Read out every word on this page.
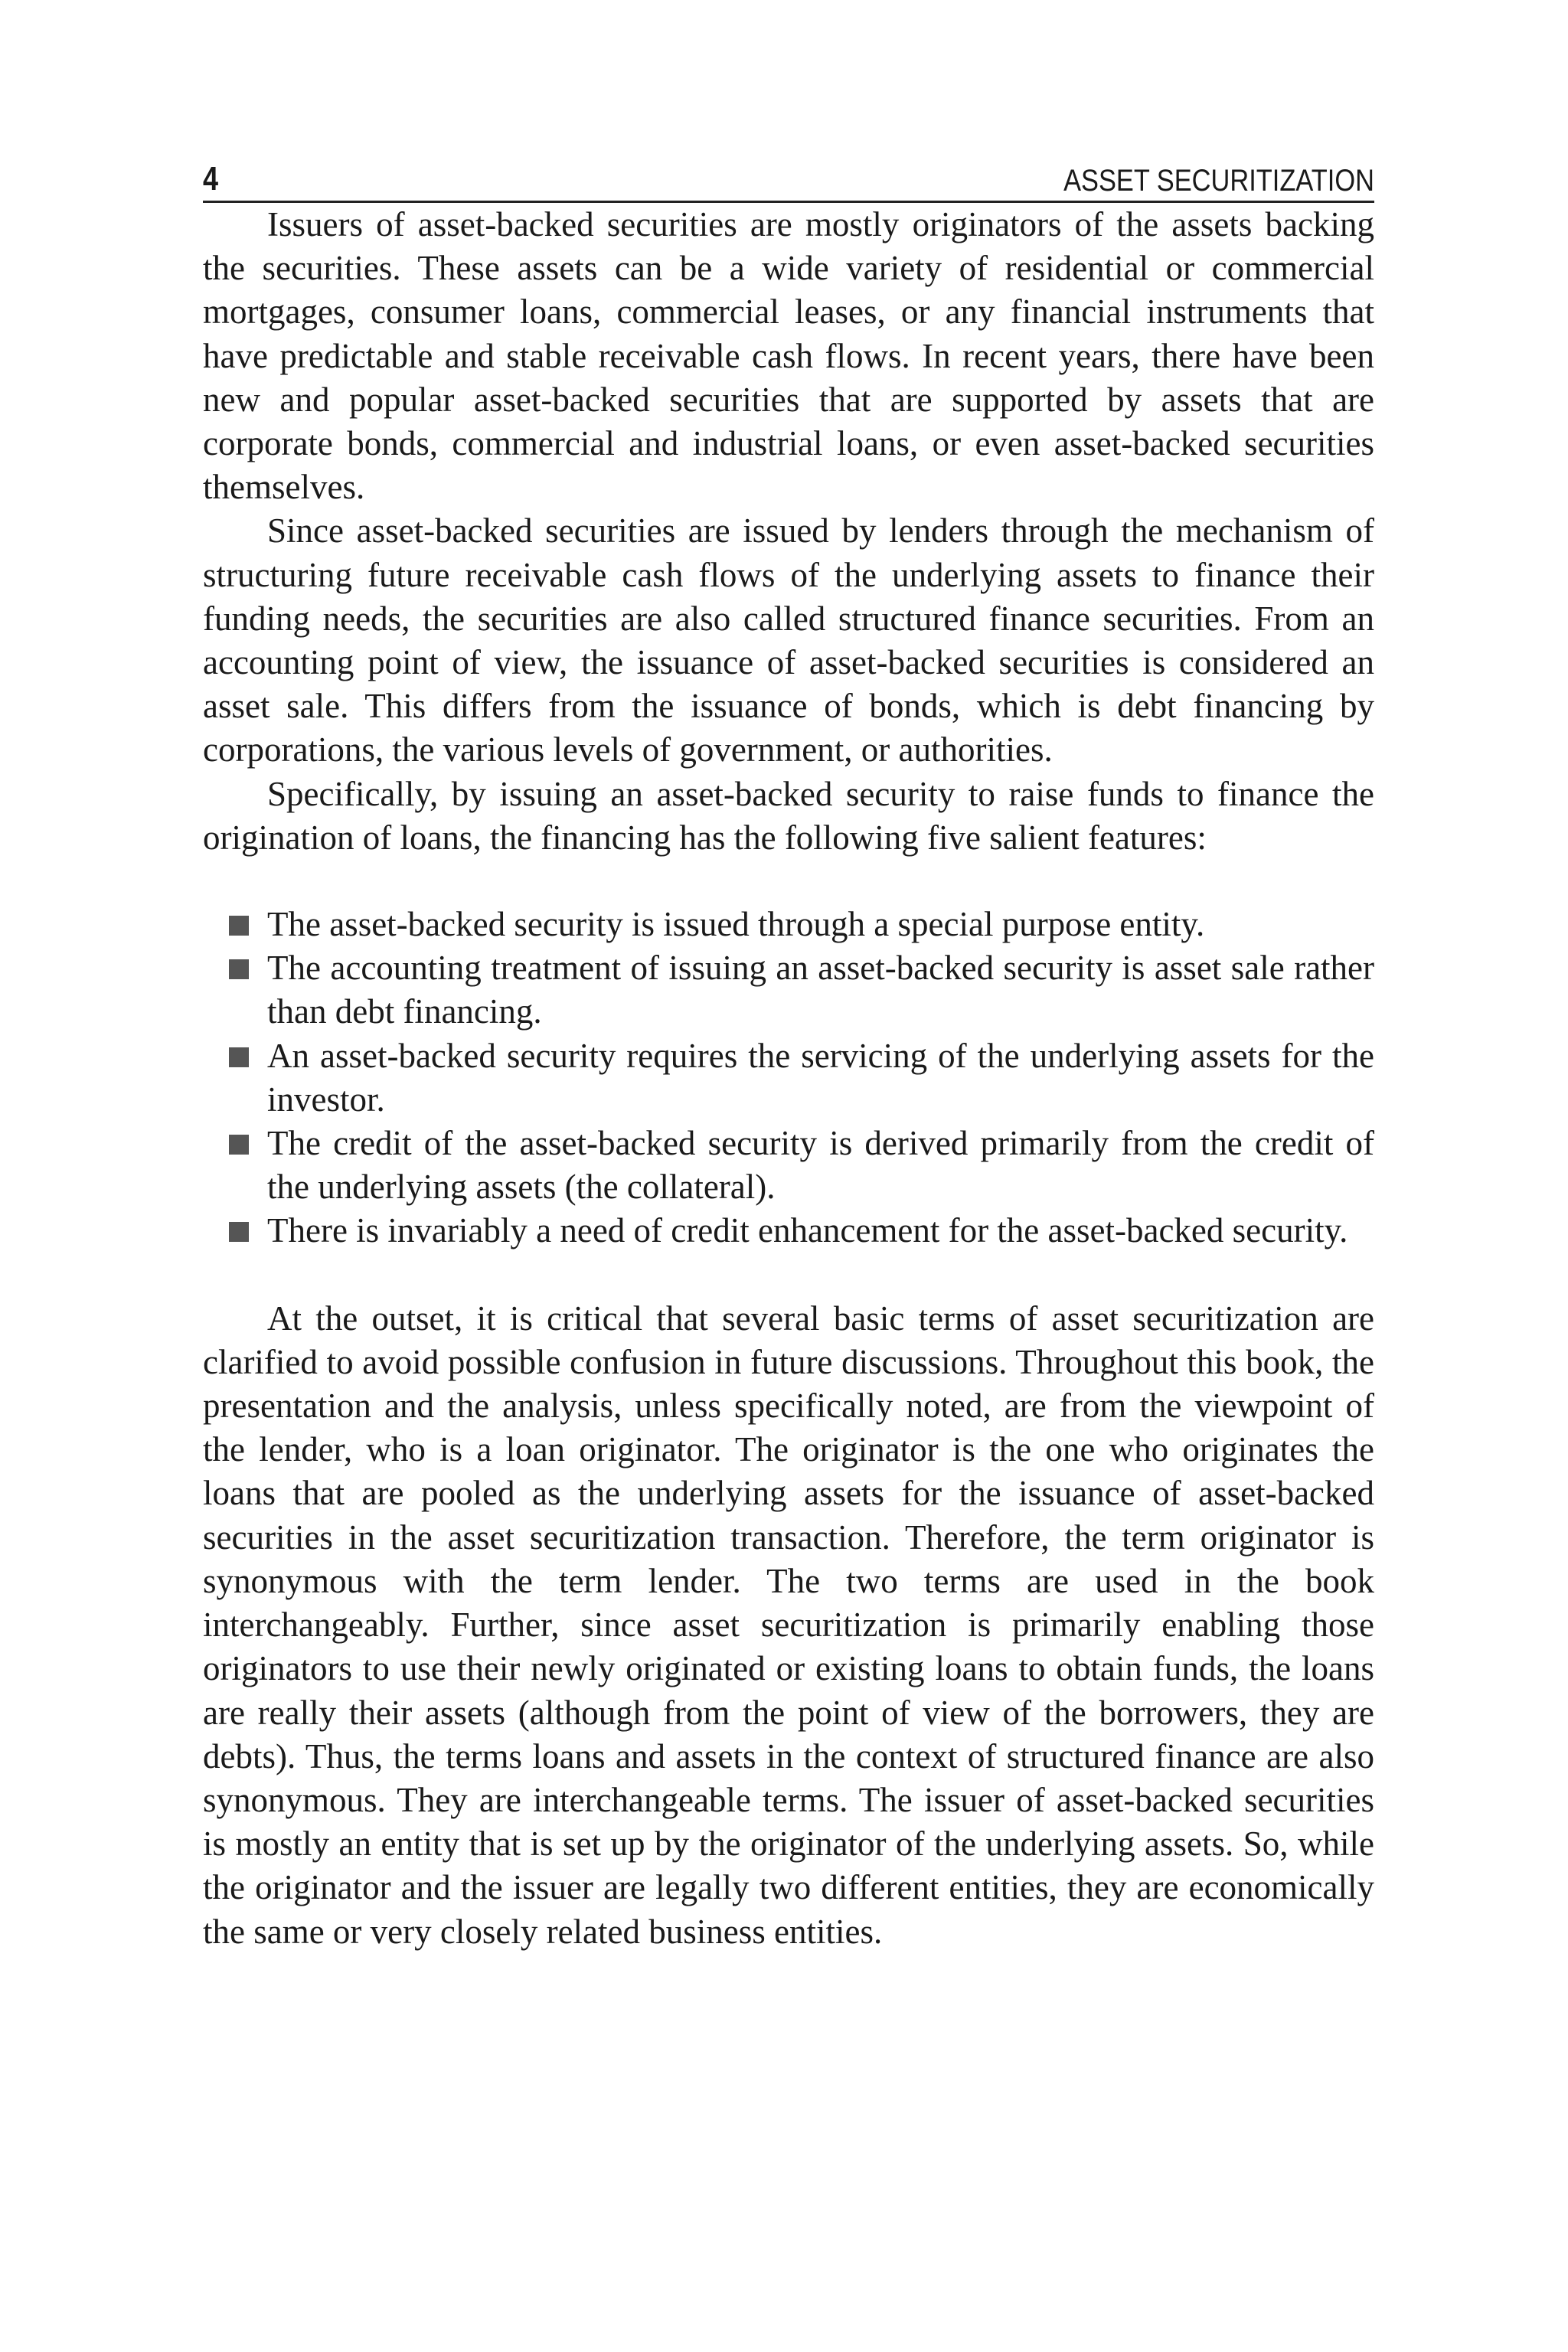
4	ASSET SECURITIZATION

Issuers of asset-backed securities are mostly originators of the assets backing the securities. These assets can be a wide variety of residential or commercial mortgages, consumer loans, commercial leases, or any financial instruments that have predictable and stable receivable cash flows. In recent years, there have been new and popular asset-backed securities that are supported by assets that are corporate bonds, commercial and industrial loans, or even asset-backed securities themselves.

Since asset-backed securities are issued by lenders through the mechanism of structuring future receivable cash flows of the underlying assets to finance their funding needs, the securities are also called structured finance securities. From an accounting point of view, the issuance of asset-backed securities is considered an asset sale. This differs from the issuance of bonds, which is debt financing by corporations, the various levels of government, or authorities.

Specifically, by issuing an asset-backed security to raise funds to finance the origination of loans, the financing has the following five salient features:

The asset-backed security is issued through a special purpose entity.
The accounting treatment of issuing an asset-backed security is asset sale rather than debt financing.
An asset-backed security requires the servicing of the underlying assets for the investor.
The credit of the asset-backed security is derived primarily from the credit of the underlying assets (the collateral).
There is invariably a need of credit enhancement for the asset-backed security.

At the outset, it is critical that several basic terms of asset securitization are clarified to avoid possible confusion in future discussions. Throughout this book, the presentation and the analysis, unless specifically noted, are from the viewpoint of the lender, who is a loan originator. The originator is the one who originates the loans that are pooled as the underlying assets for the issuance of asset-backed securities in the asset securitization transaction. Therefore, the term originator is synonymous with the term lender. The two terms are used in the book interchangeably. Further, since asset securitization is primarily enabling those originators to use their newly originated or existing loans to obtain funds, the loans are really their assets (although from the point of view of the borrowers, they are debts). Thus, the terms loans and assets in the context of structured finance are also synonymous. They are interchangeable terms. The issuer of asset-backed securities is mostly an entity that is set up by the originator of the underlying assets. So, while the originator and the issuer are legally two different entities, they are economically the same or very closely related business entities.
